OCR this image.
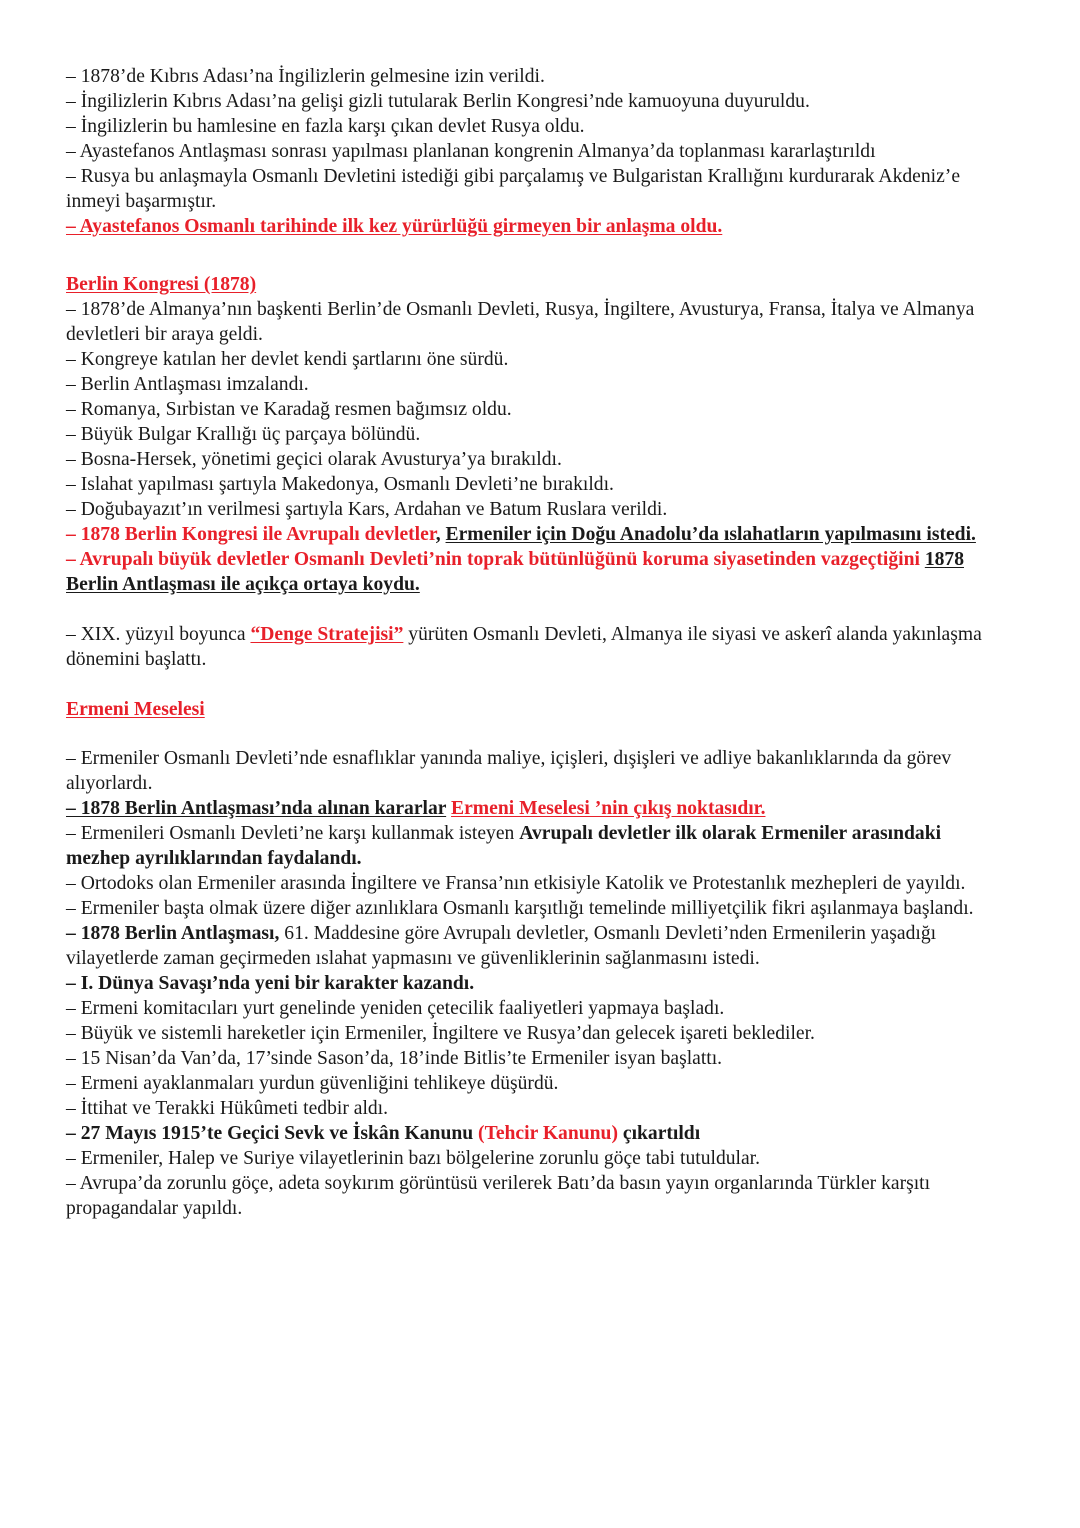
– 1878’de Kıbrıs Adası’na İngilizlerin gelmesine izin verildi.

– İngilizlerin Kıbrıs Adası’na gelişi gizli tutularak Berlin Kongresi’nde kamuoyuna duyuruldu.

– İngilizlerin bu hamlesine en fazla karşı çıkan devlet Rusya oldu.

– Ayastefanos Antlaşması sonrası yapılması planlanan kongrenin Almanya’da toplanması kararlaştırıldı

– Rusya bu anlaşmayla Osmanlı Devletini istediği gibi parçalamış ve Bulgaristan Krallığını kurdurarak Akdeniz’e inmeyi başarmıştır.

– Ayastefanos Osmanlı tarihinde ilk kez yürürlüğü girmeyen bir anlaşma oldu.

Berlin Kongresi (1878)

– 1878’de Almanya’nın başkenti Berlin’de Osmanlı Devleti, Rusya, İngiltere, Avusturya, Fransa, İtalya ve Almanya devletleri bir araya geldi.

– Kongreye katılan her devlet kendi şartlarını öne sürdü.

– Berlin Antlaşması imzalandı.

– Romanya, Sırbistan ve Karadağ resmen bağımsız oldu.

– Büyük Bulgar Krallığı üç parçaya bölündü.

– Bosna-Hersek, yönetimi geçici olarak Avusturya’ya bırakıldı.

– Islahat yapılması şartıyla Makedonya, Osmanlı Devleti’ne bırakıldı.

– Doğubayazıt’ın verilmesi şartıyla Kars, Ardahan ve Batum Ruslara verildi.

– 1878 Berlin Kongresi ile Avrupalı devletler, Ermeniler için Doğu Anadolu’da ıslahatların yapılmasını istedi.

– Avrupalı büyük devletler Osmanlı Devleti’nin toprak bütünlüğünü koruma siyasetinden vazgeçtiğini 1878 Berlin Antlaşması ile açıkça ortaya koydu.

– XIX. yüzyıl boyunca “Denge Stratejisi” yürüten Osmanlı Devleti, Almanya ile siyasi ve askerî alanda yakınlaşma dönemini başlattı.

Ermeni Meselesi

– Ermeniler Osmanlı Devleti’nde esnaflıklar yanında maliye, içişleri, dışişleri ve adliye bakanlıklarında da görev alıyorlardı.

– 1878 Berlin Antlaşması’nda alınan kararlar Ermeni Meselesi ’nin çıkış noktasıdır.

– Ermenileri Osmanlı Devleti’ne karşı kullanmak isteyen Avrupalı devletler ilk olarak Ermeniler arasındaki mezhep ayrılıklarından faydalandı.

– Ortodoks olan Ermeniler arasında İngiltere ve Fransa’nın etkisiyle Katolik ve Protestanlık mezhepleri de yayıldı.

– Ermeniler başta olmak üzere diğer azınlıklara Osmanlı karşıtlığı temelinde milliyetçilik fikri aşılanmaya başlandı.

– 1878 Berlin Antlaşması, 61. Maddesine göre Avrupalı devletler, Osmanlı Devleti’nden Ermenilerin yaşadığı vilayetlerde zaman geçirmeden ıslahat yapmasını ve güvenliklerinin sağlanmasını istedi.

– I. Dünya Savaşı’nda yeni bir karakter kazandı.

– Ermeni komitacıları yurt genelinde yeniden çetecilik faaliyetleri yapmaya başladı.

– Büyük ve sistemli hareketler için Ermeniler, İngiltere ve Rusya’dan gelecek işareti beklediler.

– 15 Nisan’da Van’da, 17’sinde Sason’da, 18’inde Bitlis’te Ermeniler isyan başlattı.

– Ermeni ayaklanmaları yurdun güvenliğini tehlikeye düşürdü.

– İttihat ve Terakki Hükûmeti tedbir aldı.

– 27 Mayıs 1915’te Geçici Sevk ve İskân Kanunu (Tehcir Kanunu) çıkartıldı

– Ermeniler, Halep ve Suriye vilayetlerinin bazı bölgelerine zorunlu göçe tabi tutuldular.

– Avrupa’da zorunlu göçe, adeta soykırım görüntüsü verilerek Batı’da basın yayın organlarında Türkler karşıtı propagandalar yapıldı.
